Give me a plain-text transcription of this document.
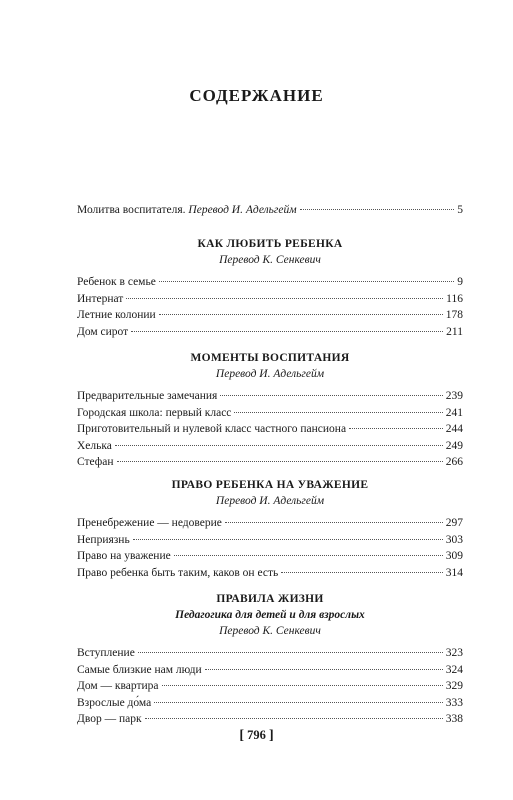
СОДЕРЖАНИЕ
Молитва воспитателя. Перевод И. Адельгейм	5
КАК ЛЮБИТЬ РЕБЕНКА
Перевод К. Сенкевич
Ребенок в семье	9
Интернат	116
Летние колонии	178
Дом сирот	211
МОМЕНТЫ ВОСПИТАНИЯ
Перевод И. Адельгейм
Предварительные замечания	239
Городская школа: первый класс	241
Приготовительный и нулевой класс частного пансиона	244
Хелька	249
Стефан	266
ПРАВО РЕБЕНКА НА УВАЖЕНИЕ
Перевод И. Адельгейм
Пренебрежение — недоверие	297
Неприязнь	303
Право на уважение	309
Право ребенка быть таким, каков он есть	314
ПРАВИЛА ЖИЗНИ
Педагогика для детей и для взрослых
Перевод К. Сенкевич
Вступление	323
Самые близкие нам люди	324
Дом — квартира	329
Взрослые до́ма	333
Двор — парк	338
[ 796 ]
